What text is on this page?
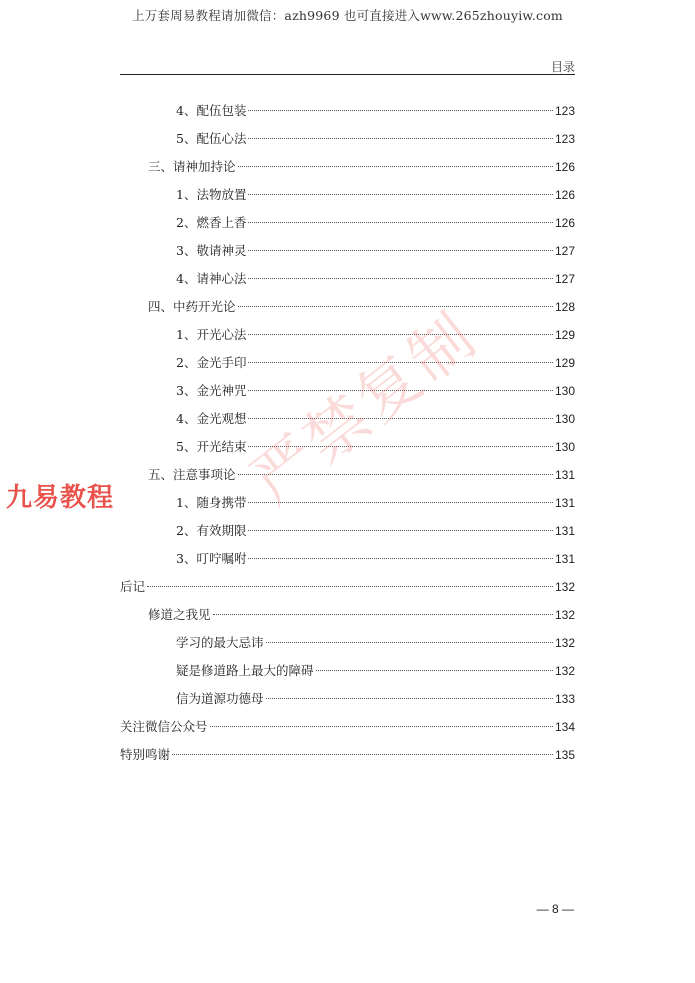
上万套周易教程请加微信：azh9969 也可直接进入www.265zhouyiw.com
目录
4、配伍包装	123
5、配伍心法	123
三、请神加持论	126
1、法物放置	126
2、燃香上香	126
3、敬请神灵	127
4、请神心法	127
四、中药开光论	128
1、开光心法	129
2、金光手印	129
3、金光神咒	130
4、金光观想	130
5、开光结束	130
五、注意事项论	131
1、随身携带	131
2、有效期限	131
3、叮咛嘱咐	131
后记	132
修道之我见	132
学习的最大忌讳	132
疑是修道路上最大的障碍	132
信为道源功德母	133
关注微信公众号	134
特别鸣谢	135
九易教程 严禁复制
— 8 —
